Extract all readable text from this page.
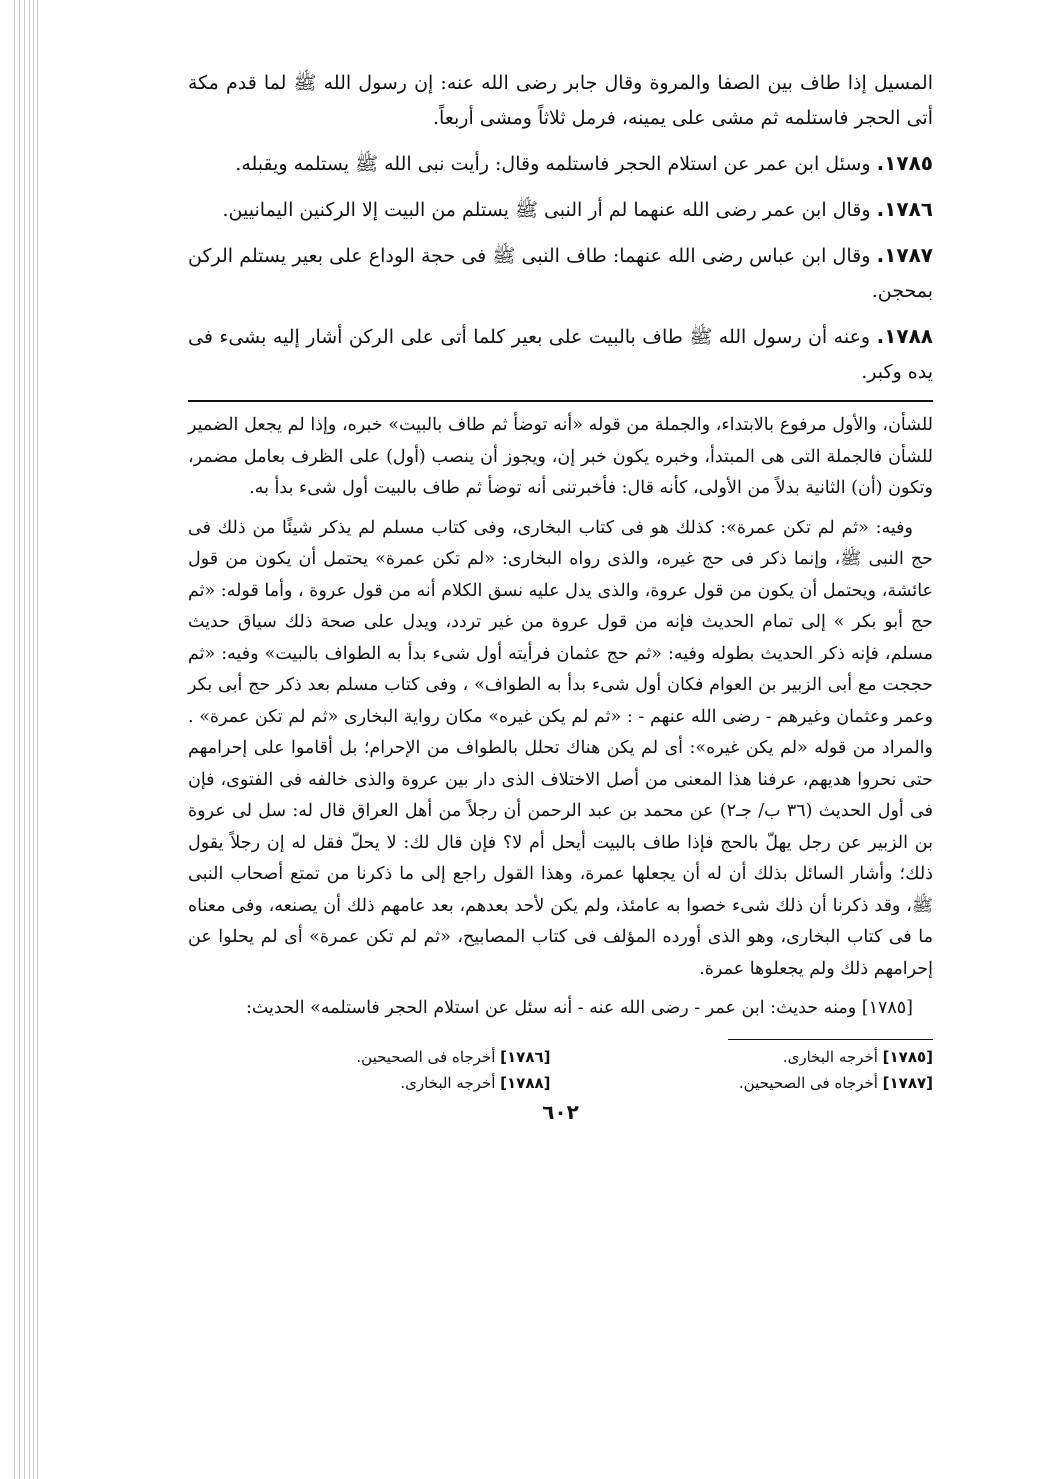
المسيل إذا طاف بين الصفا والمروة وقال جابر رضى الله عنه: إن رسول الله ﷺ لما قدم مكة أتى الحجر فاستلمه ثم مشى على يمينه، فرمل ثلاثاً ومشى أربعاً.

١٧٨٥. وسئل ابن عمر عن استلام الحجر فاستلمه وقال: رأيت نبى الله ﷺ يستلمه ويقبله.

١٧٨٦. وقال ابن عمر رضى الله عنهما لم أر النبى ﷺ يستلم من البيت إلا الركنين اليمانيين.

١٧٨٧. وقال ابن عباس رضى الله عنهما: طاف النبى ﷺ فى حجة الوداع على بعير يستلم الركن بمحجن.

١٧٨٨. وعنه أن رسول الله ﷺ طاف بالبيت على بعير كلما أتى على الركن أشار إليه بشىء فى يده وكبر.

للشأن، والأول مرفوع بالابتداء، والجملة من قوله «أنه توضأ ثم طاف بالبيت» خبره، وإذا لم يجعل الضمير للشأن فالجملة التى هى المبتدأ، وخبره يكون خبر إن، ويجوز أن ينصب (أول) على الظرف بعامل مضمر، وتكون (أن) الثانية بدلاً من الأولى، كأنه قال: فأخبرتنى أنه توضأ ثم طاف بالبيت أول شىء بدأ به.

وفيه: «ثم لم تكن عمرة»: كذلك هو فى كتاب البخارى، وفى كتاب مسلم لم يذكر شيئًا من ذلك فى حج النبى ﷺ، وإنما ذكر فى حج غيره، والذى رواه البخارى: «لم تكن عمرة» يحتمل أن يكون من قول عائشة، ويحتمل أن يكون من قول عروة، والذى يدل عليه نسق الكلام أنه من قول عروة ، وأما قوله: «ثم حج أبو بكر » إلى تمام الحديث فإنه من قول عروة من غير تردد، ويدل على صحة ذلك سياق حديث مسلم، فإنه ذكر الحديث بطوله وفيه: «ثم حج عثمان فرأيته أول شىء بدأ به الطواف بالبيت» وفيه: «ثم حججت مع أبى الزبير بن العوام فكان أول شىء بدأ به الطواف» ، وفى كتاب مسلم بعد ذكر حج أبى بكر وعمر وعثمان وغيرهم - رضى الله عنهم - : «ثم لم يكن غيره» مكان رواية البخارى «ثم لم تكن عمرة» . والمراد من قوله «لم يكن غيره»: أى لم يكن هناك تحلل بالطواف من الإحرام؛ بل أقاموا على إحرامهم حتى نحروا هديهم، عرفنا هذا المعنى من أصل الاختلاف الذى دار بين عروة والذى خالفه فى الفتوى، فإن فى أول الحديث (٣٦ ب/ جـ٢) عن محمد بن عبد الرحمن أن رجلاً من أهل العراق قال له: سل لى عروة بن الزبير عن رجل يهلّ بالحج فإذا طاف بالبيت أيحل أم لا؟ فإن قال لك: لا يحلّ فقل له إن رجلاً يقول ذلك؛ وأشار السائل بذلك أن له أن يجعلها عمرة، وهذا القول راجع إلى ما ذكرنا من تمتع أصحاب النبى ﷺ، وقد ذكرنا أن ذلك شىء خصوا به عامئذ، ولم يكن لأحد بعدهم، بعد عامهم ذلك أن يصنعه، وفى معناه ما فى كتاب البخارى، وهو الذى أورده المؤلف فى كتاب المصابيح، «ثم لم تكن عمرة» أى لم يحلوا عن إحرامهم ذلك ولم يجعلوها عمرة.

[١٧٨٥] ومنه حديث: ابن عمر - رضى الله عنه - أنه سئل عن استلام الحجر فاستلمه» الحديث:

[١٧٨٥] أخرجه البخارى.
[١٧٨٦] أخرجاه فى الصحيحين.
[١٧٨٧] أخرجاه فى الصحيحين.
[١٧٨٨] أخرجه البخارى.
٦٠٢
